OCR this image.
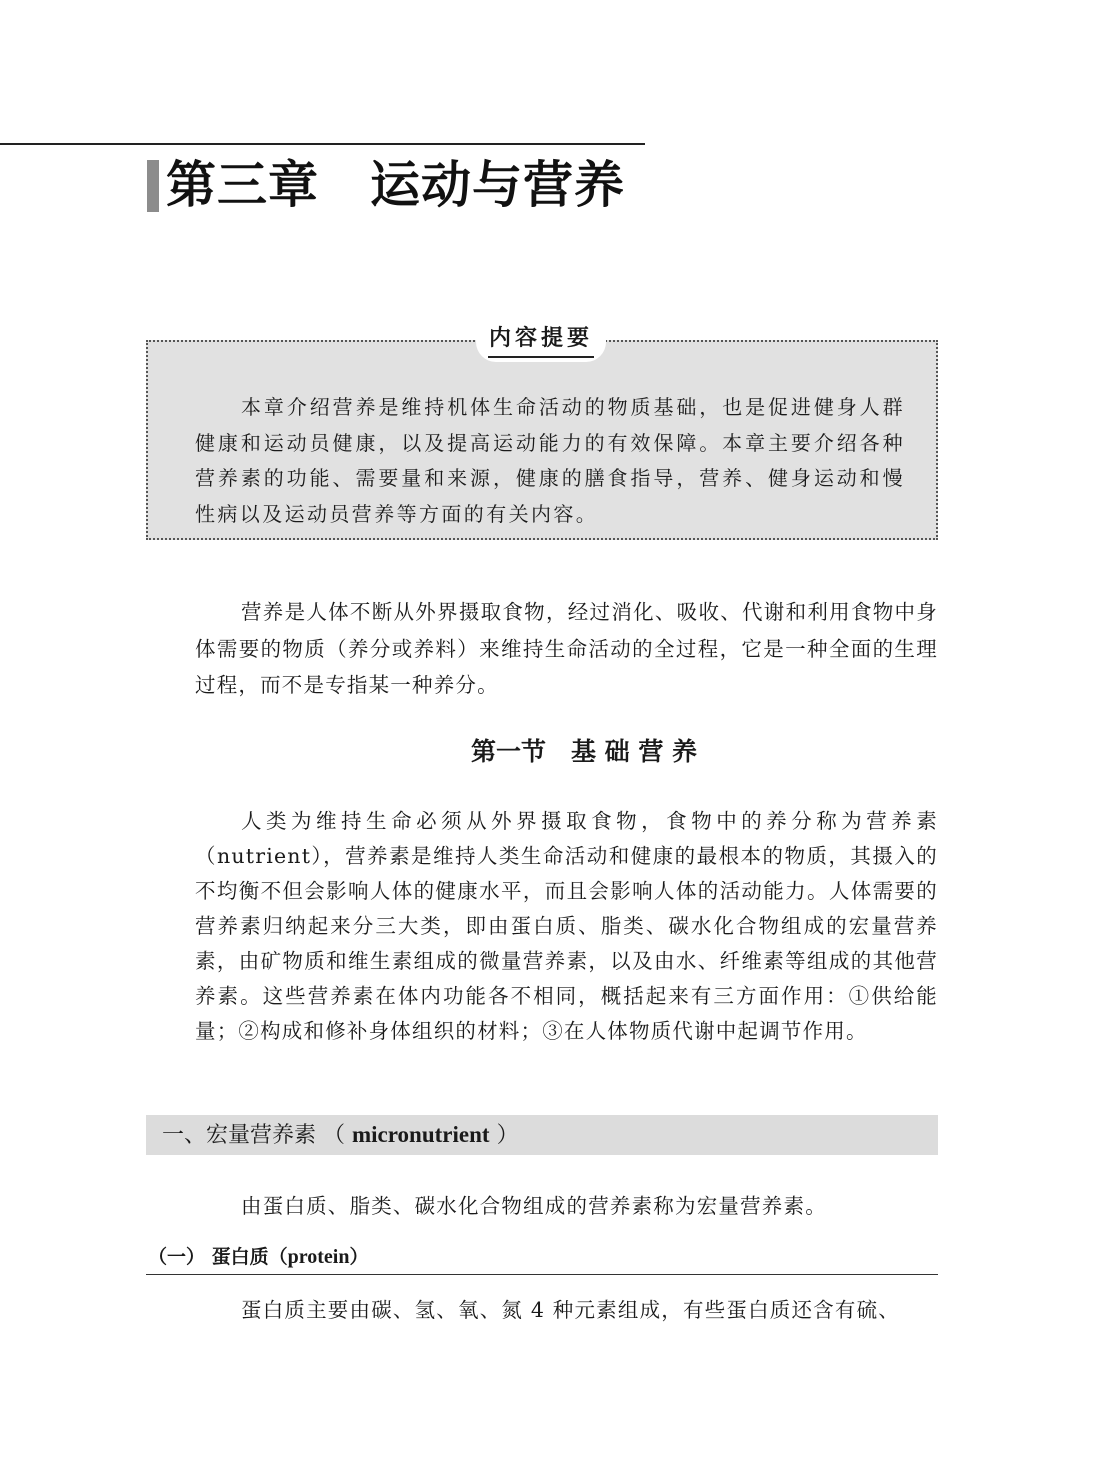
第三章　运动与营养
内容提要

本章介绍营养是维持机体生命活动的物质基础，也是促进健身人群健康和运动员健康，以及提高运动能力的有效保障。本章主要介绍各种营养素的功能、需要量和来源，健康的膳食指导，营养、健身运动和慢性病以及运动员营养等方面的有关内容。

营养是人体不断从外界摄取食物，经过消化、吸收、代谢和利用食物中身体需要的物质（养分或养料）来维持生命活动的全过程，它是一种全面的生理过程，而不是专指某一种养分。

第一节　基 础 营 养

人类为维持生命必须从外界摄取食物，食物中的养分称为营养素（nutrient），营养素是维持人类生命活动和健康的最根本的物质，其摄入的不均衡不但会影响人体的健康水平，而且会影响人体的活动能力。人体需要的营养素归纳起来分三大类，即由蛋白质、脂类、碳水化合物组成的宏量营养素，由矿物质和维生素组成的微量营养素，以及由水、纤维素等组成的其他营养素。这些营养素在体内功能各不相同，概括起来有三方面作用：①供给能量；②构成和修补身体组织的材料；③在人体物质代谢中起调节作用。

一、宏量营养素 （ micronutrient ）

由蛋白质、脂类、碳水化合物组成的营养素称为宏量营养素。

（一） 蛋白质（protein）

蛋白质主要由碳、氢、氧、氮 4 种元素组成，有些蛋白质还含有硫、
